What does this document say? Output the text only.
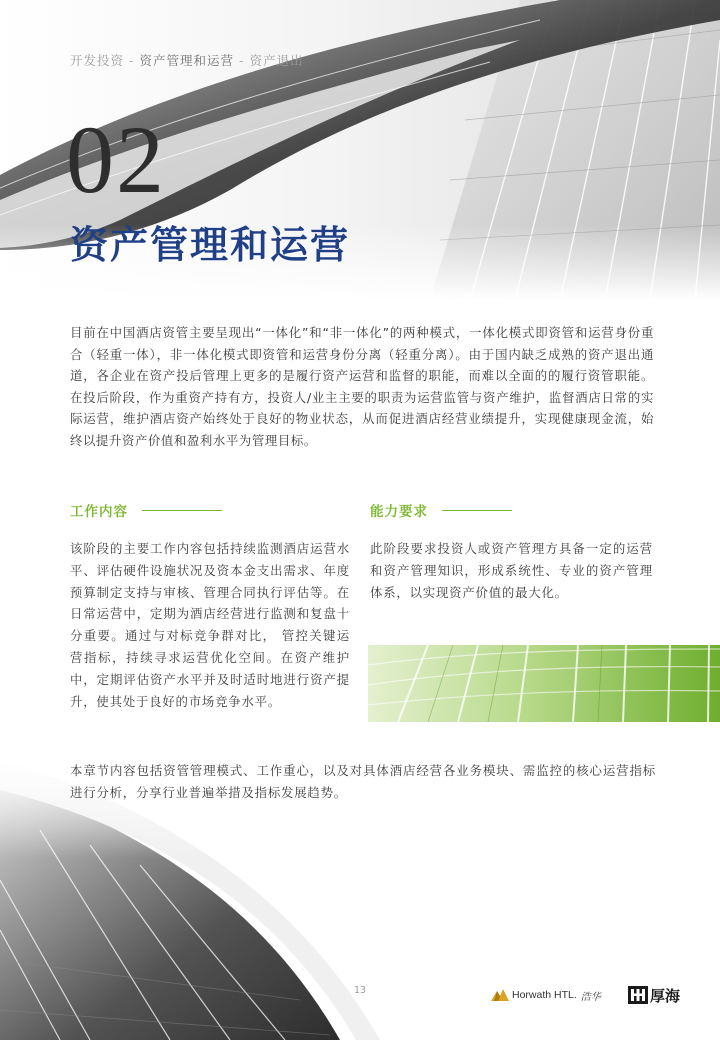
开发投资 - 资产管理和运营 - 资产退出
02
资产管理和运营
目前在中国酒店资管主要呈现出“一体化”和“非一体化”的两种模式，一体化模式即资管和运营身份重合（轻重一体），非一体化模式即资管和运营身份分离（轻重分离）。由于国内缺乏成熟的资产退出通道，各企业在资产投后管理上更多的是履行资产运营和监督的职能，而难以全面的的履行资管职能。在投后阶段，作为重资产持有方，投资人/业主主要的职责为运营监管与资产维护，监督酒店日常的实际运营，维护酒店资产始终处于良好的物业状态，从而促进酒店经营业绩提升，实现健康现金流，始终以提升资产价值和盈利水平为管理目标。
工作内容	能力要求
该阶段的主要工作内容包括持续监测酒店运营水平、评估硬件设施状况及资本金支出需求、年度预算制定支持与审核、管理合同执行评估等。在日常运营中，定期为酒店经营进行监测和复盘十分重要。通过与对标竞争群对比， 管控关键运营指标，持续寻求运营优化空间。在资产维护中，定期评估资产水平并及时适时地进行资产提升，使其处于良好的市场竞争水平。
此阶段要求投资人或资产管理方具备一定的运营和资产管理知识，形成系统性、专业的资产管理体系，以实现资产价值的最大化。
本章节内容包括资管管理模式、工作重心，以及对具体酒店经营各业务模块、需监控的核心运营指标进行分析，分享行业普遍举措及指标发展趋势。
13	Horwath HTL. 浩华	厚海
